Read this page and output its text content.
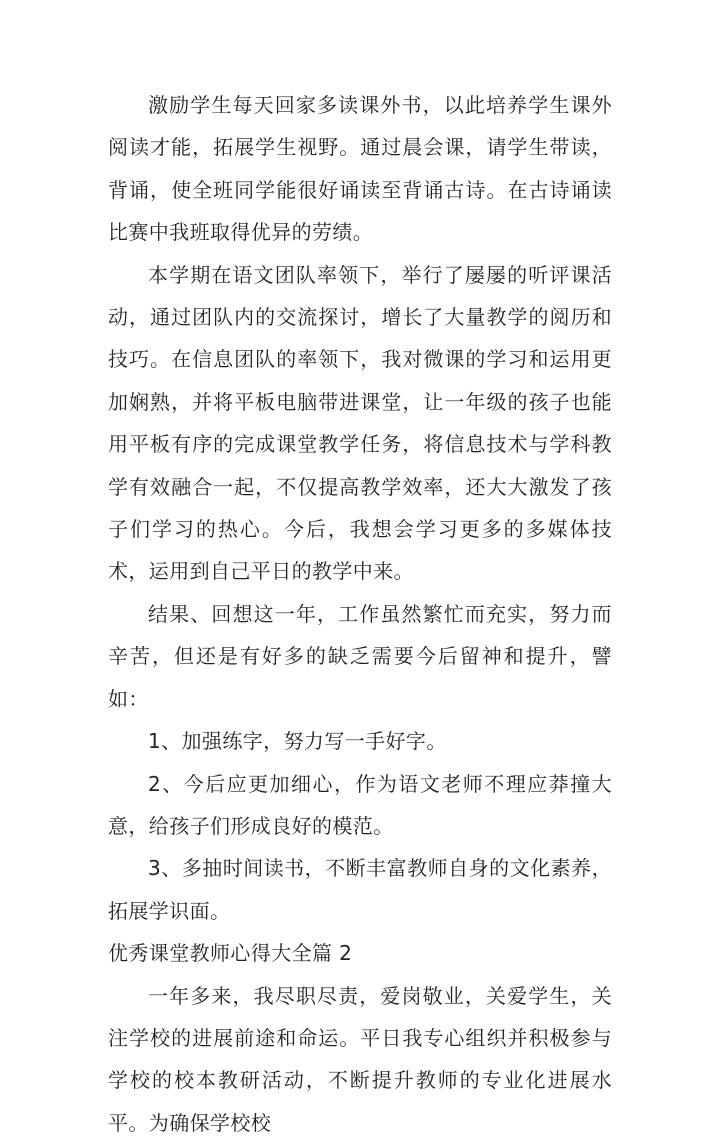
激励学生每天回家多读课外书，以此培养学生课外阅读才能，拓展学生视野。通过晨会课，请学生带读，背诵，使全班同学能很好诵读至背诵古诗。在古诗诵读比赛中我班取得优异的劳绩。

本学期在语文团队率领下，举行了屡屡的听评课活动，通过团队内的交流探讨，增长了大量教学的阅历和技巧。在信息团队的率领下，我对微课的学习和运用更加娴熟，并将平板电脑带进课堂，让一年级的孩子也能用平板有序的完成课堂教学任务，将信息技术与学科教学有效融合一起，不仅提高教学效率，还大大激发了孩子们学习的热心。今后，我想会学习更多的多媒体技术，运用到自己平日的教学中来。

结果、回想这一年，工作虽然繁忙而充实，努力而辛苦，但还是有好多的缺乏需要今后留神和提升，譬如：

1、加强练字，努力写一手好字。

2、今后应更加细心，作为语文老师不理应莽撞大意，给孩子们形成良好的模范。

3、多抽时间读书，不断丰富教师自身的文化素养，拓展学识面。

优秀课堂教师心得大全篇 2

一年多来，我尽职尽责，爱岗敬业，关爱学生，关注学校的进展前途和命运。平日我专心组织并积极参与学校的校本教研活动，不断提升教师的专业化进展水平。为确保学校校
